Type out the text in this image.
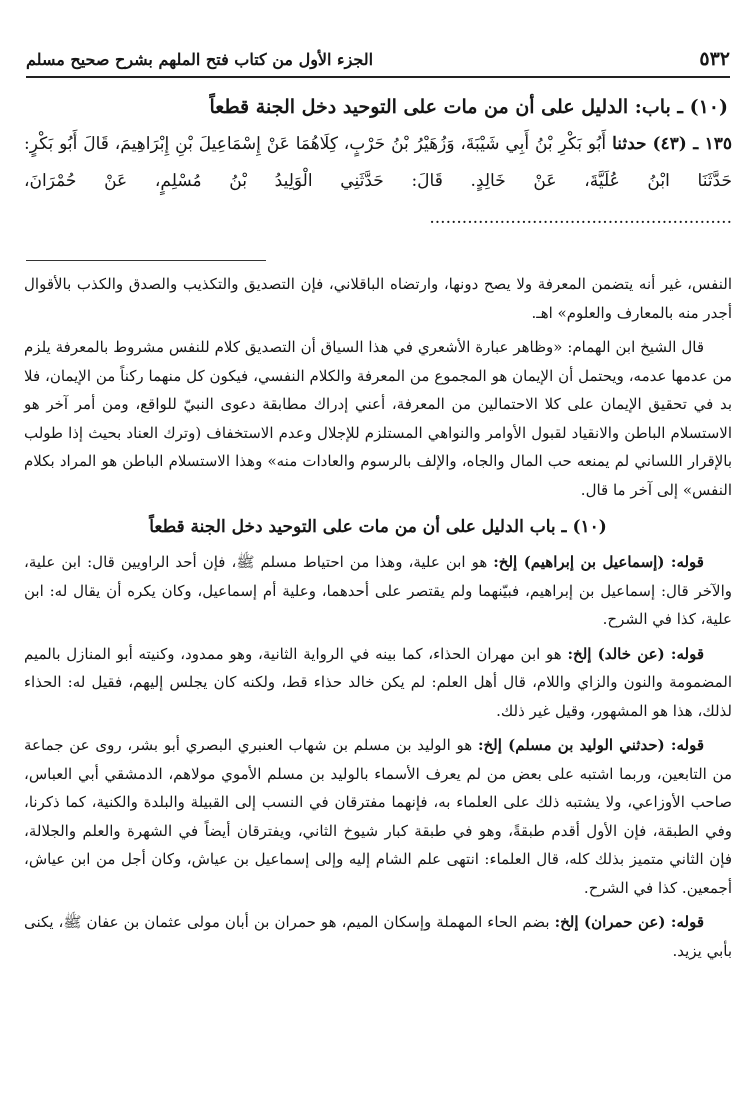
٥٣٢
الجزء الأول من كتاب فتح الملهم بشرح صحيح مسلم
(١٠) ـ باب: الدليل على أن من مات على التوحيد دخل الجنة قطعاً

١٣٥ ـ (٤٣) حدثنا أَبُو بَكْرِ بْنُ أَبِي شَيْبَةَ، وَزُهَيْرُ بْنُ حَرْبٍ، كِلَاهُمَا عَنْ إِسْمَاعِيلَ بْنِ إِبْرَاهِيمَ، قَالَ أَبُو بَكْرٍ: حَدَّثَنَا ابْنُ عُلَيَّةَ، عَنْ خَالِدٍ. قَالَ: حَدَّثَنِي الْوَلِيدُ بْنُ مُسْلِمٍ، عَنْ حُمْرَانَ، ........................................................

النفس، غير أنه يتضمن المعرفة ولا يصح دونها، وارتضاه الباقلاني، فإن التصديق والتكذيب والصدق والكذب بالأقوال أجدر منه بالمعارف والعلوم» اهـ.

قال الشيخ ابن الهمام: «وظاهر عبارة الأشعري في هذا السياق أن التصديق كلام للنفس مشروط بالمعرفة يلزم من عدمها عدمه، ويحتمل أن الإيمان هو المجموع من المعرفة والكلام النفسي، فيكون كل منهما ركناً من الإيمان، فلا بد في تحقيق الإيمان على كلا الاحتمالين من المعرفة، أعني إدراك مطابقة دعوى النبيّ للواقع، ومن أمر آخر هو الاستسلام الباطن والانقياد لقبول الأوامر والنواهي المستلزم للإجلال وعدم الاستخفاف (وترك العناد بحيث إذا طولب بالإقرار اللساني لم يمنعه حب المال والجاه، والإلف بالرسوم والعادات منه» وهذا الاستسلام الباطن هو المراد بكلام النفس» إلى آخر ما قال.

(١٠) ـ باب الدليل على أن من مات على التوحيد دخل الجنة قطعاً

قوله: (إسماعيل بن إبراهيم) إلخ: هو ابن علية، وهذا من احتياط مسلم ﷺ، فإن أحد الراويين قال: ابن علية، والآخر قال: إسماعيل بن إبراهيم، فبيّنهما ولم يقتصر على أحدهما، وعلية أم إسماعيل، وكان يكره أن يقال له: ابن علية، كذا في الشرح.

قوله: (عن خالد) إلخ: هو ابن مهران الحذاء، كما بينه في الرواية الثانية، وهو ممدود، وكنيته أبو المنازل بالميم المضمومة والنون والزاي واللام، قال أهل العلم: لم يكن خالد حذاء قط، ولكنه كان يجلس إليهم، فقيل له: الحذاء لذلك، هذا هو المشهور، وقيل غير ذلك.

قوله: (حدثني الوليد بن مسلم) إلخ: هو الوليد بن مسلم بن شهاب العنبري البصري أبو بشر، روى عن جماعة من التابعين، وربما اشتبه على بعض من لم يعرف الأسماء بالوليد بن مسلم الأموي مولاهم، الدمشقي أبي العباس، صاحب الأوزاعي، ولا يشتبه ذلك على العلماء به، فإنهما مفترقان في النسب إلى القبيلة والبلدة والكنية، كما ذكرنا، وفي الطبقة، فإن الأول أقدم طبقةً، وهو في طبقة كبار شيوخ الثاني، ويفترقان أيضاً في الشهرة والعلم والجلالة، فإن الثاني متميز بذلك كله، قال العلماء: انتهى علم الشام إليه وإلى إسماعيل بن عياش، وكان أجل من ابن عياش، أجمعين. كذا في الشرح.

قوله: (عن حمران) إلخ: بضم الحاء المهملة وإسكان الميم، هو حمران بن أبان مولى عثمان بن عفان ﷺ، يكنى بأبي يزيد.
